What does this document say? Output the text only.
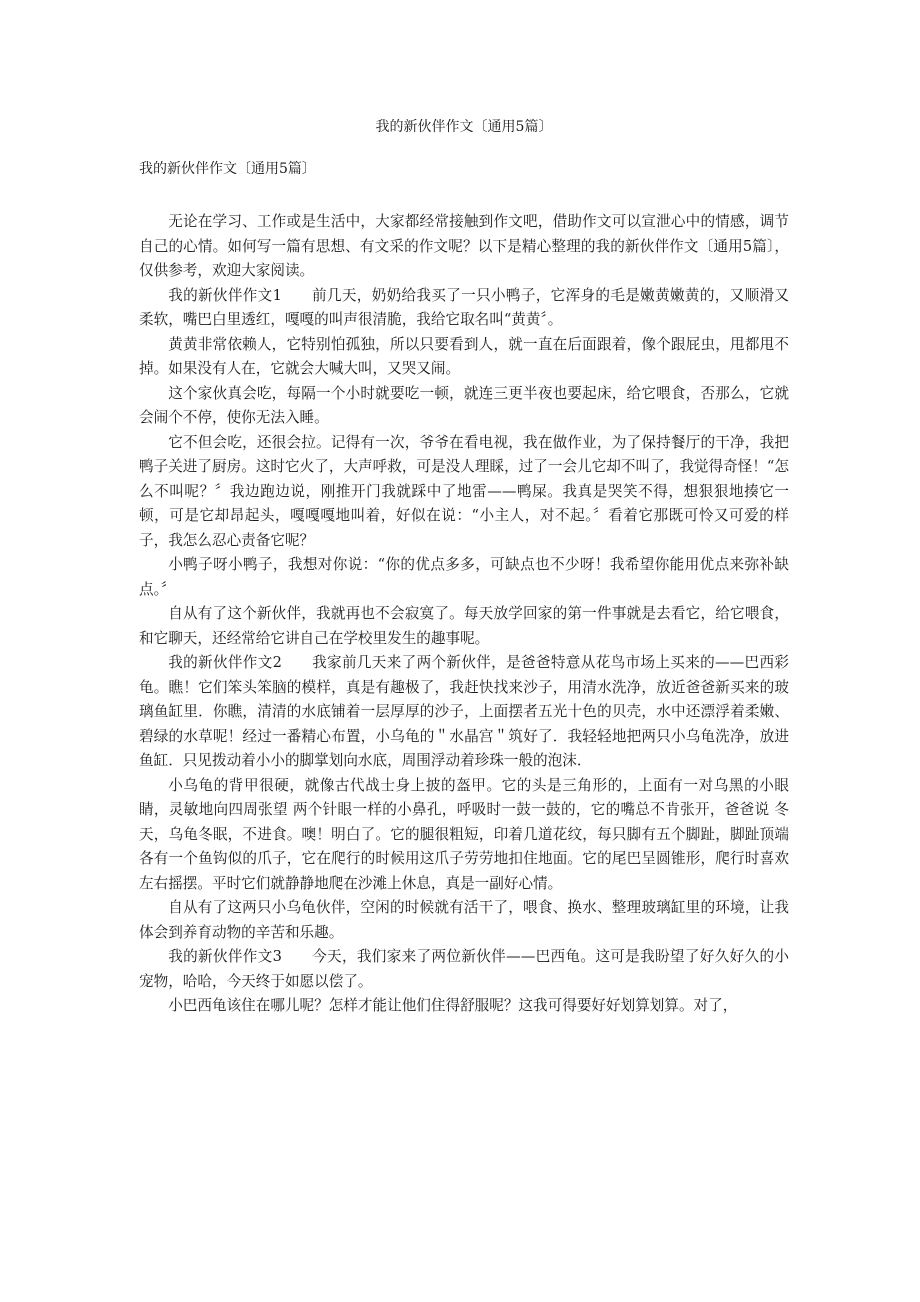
我的新伙伴作文〔通用5篇〕
我的新伙伴作文〔通用5篇〕

无论在学习、工作或是生活中，大家都经常接触到作文吧，借助作文可以宣泄心中的情感，调节自己的心情。如何写一篇有思想、有文采的作文呢？以下是精心整理的我的新伙伴作文〔通用5篇〕，仅供参考，欢迎大家阅读。

我的新伙伴作文1　　前几天，奶奶给我买了一只小鸭子，它浑身的毛是嫩黄嫩黄的，又顺滑又柔软，嘴巴白里透红，嘎嘎的叫声很清脆，我给它取名叫“黄黄〞。

黄黄非常依赖人，它特别怕孤独，所以只要看到人，就一直在后面跟着，像个跟屁虫，甩都甩不掉。如果没有人在，它就会大喊大叫，又哭又闹。

这个家伙真会吃，每隔一个小时就要吃一顿，就连三更半夜也要起床，给它喂食，否那么，它就会闹个不停，使你无法入睡。

它不但会吃，还很会拉。记得有一次，爷爷在看电视，我在做作业，为了保持餐厅的干净，我把鸭子关进了厨房。这时它火了，大声呼救，可是没人理睬，过了一会儿它却不叫了，我觉得奇怪！“怎么不叫呢？〞我边跑边说，刚推开门我就踩中了地雷——鸭屎。我真是哭笑不得，想狠狠地揍它一顿，可是它却昂起头，嘎嘎嘎地叫着，好似在说：“小主人，对不起。〞看着它那既可怜又可爱的样子，我怎么忍心责备它呢？

小鸭子呀小鸭子，我想对你说：“你的优点多多，可缺点也不少呀！我希望你能用优点来弥补缺点。〞

自从有了这个新伙伴，我就再也不会寂寞了。每天放学回家的第一件事就是去看它，给它喂食，和它聊天，还经常给它讲自己在学校里发生的趣事呢。

我的新伙伴作文2　　我家前几天来了两个新伙伴，是爸爸特意从花鸟市场上买来的——巴西彩龟。瞧！它们笨头笨脑的模样，真是有趣极了，我赶快找来沙子，用清水洗净，放近爸爸新买来的玻璃鱼缸里．你瞧，清清的水底铺着一层厚厚的沙子，上面摆者五光十色的贝壳，水中还漂浮着柔嫩、碧绿的水草呢！经过一番精心布置，小乌龟的＂水晶宫＂筑好了．我轻轻地把两只小乌龟洗净，放进鱼缸．只见拨动着小小的脚掌划向水底，周围浮动着珍珠一般的泡沫．

小乌龟的背甲很硬，就像古代战士身上披的盔甲。它的头是三角形的，上面有一对乌黑的小眼睛，灵敏地向四周张望 两个针眼一样的小鼻孔，呼吸时一鼓一鼓的，它的嘴总不肯张开，爸爸说 冬天，乌龟冬眠，不进食。噢！明白了。它的腿很粗短，印着几道花纹，每只脚有五个脚趾，脚趾顶端各有一个鱼钩似的爪子，它在爬行的时候用这爪子劳劳地扣住地面。它的尾巴呈圆锥形，爬行时喜欢左右摇摆。平时它们就静静地爬在沙滩上休息，真是一副好心情。

自从有了这两只小乌龟伙伴，空闲的时候就有活干了，喂食、换水、整理玻璃缸里的环境，让我体会到养育动物的辛苦和乐趣。

我的新伙伴作文3　　今天，我们家来了两位新伙伴——巴西龟。这可是我盼望了好久好久的小宠物，哈哈，今天终于如愿以偿了。

小巴西龟该住在哪儿呢？怎样才能让他们住得舒服呢？这我可得要好好划算划算。对了，
